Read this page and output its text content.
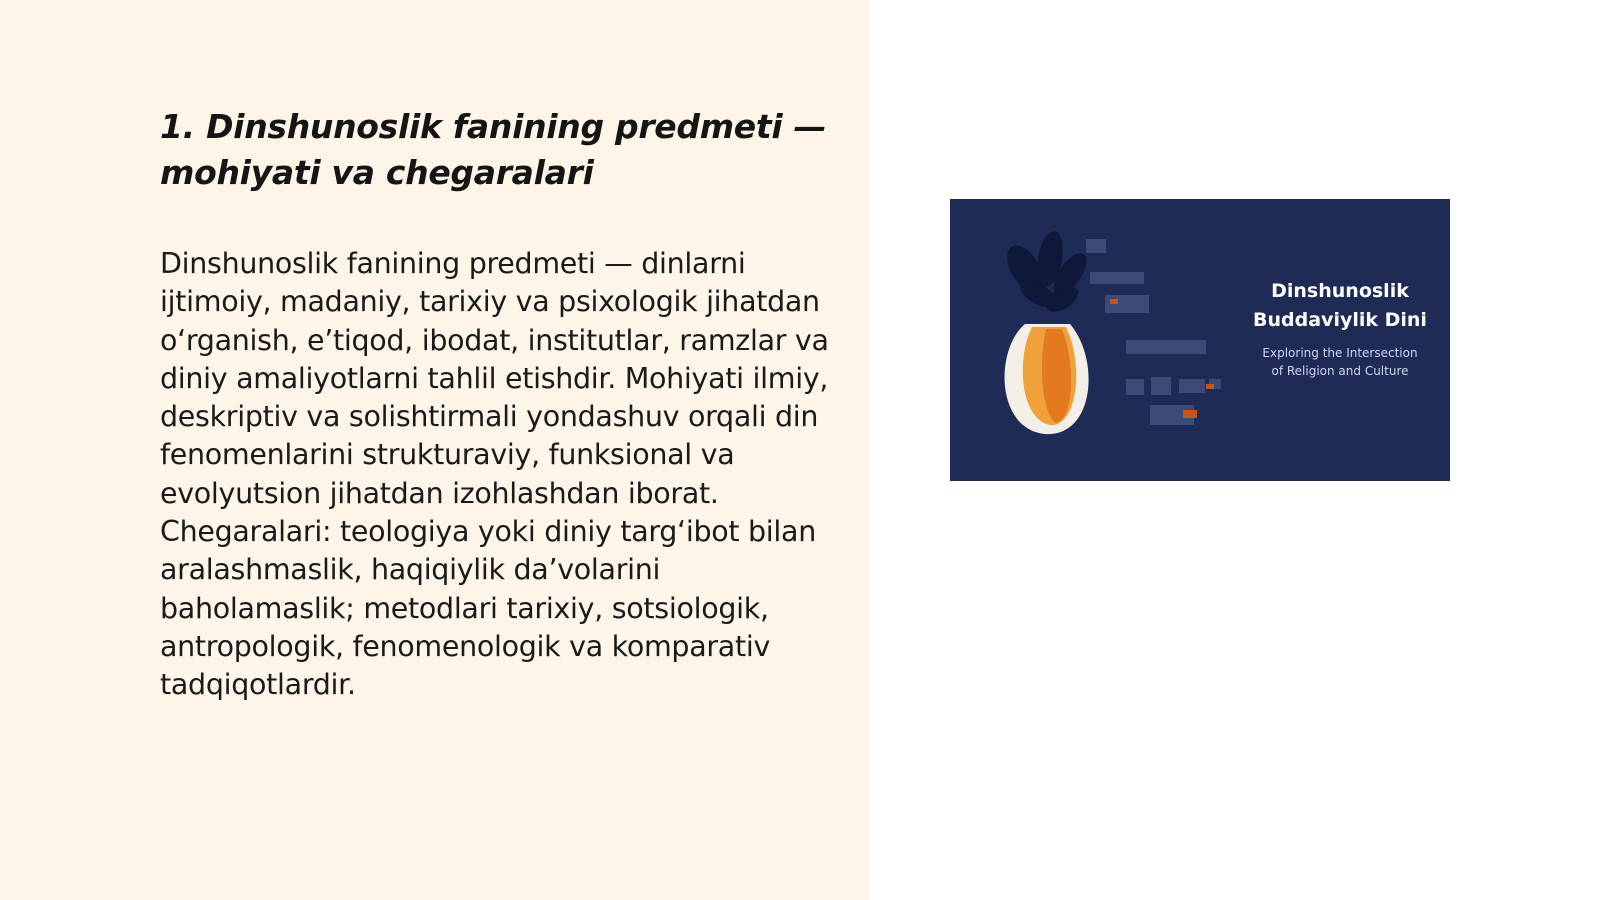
1. Dinshunoslik fanining predmeti — mohiyati va chegaralari

Dinshunoslik fanining predmeti — dinlarni ijtimoiy, madaniy, tarixiy va psixologik jihatdan o‘rganish, e’tiqod, ibodat, institutlar, ramzlar va diniy amaliyotlarni tahlil etishdir. Mohiyati ilmiy, deskriptiv va solishtirmali yondashuv orqali din fenomenlarini strukturaviy, funksional va evolyutsion jihatdan izohlashdan iborat. Chegaralari: teologiya yoki diniy targ‘ibot bilan aralashmaslik, haqiqiylik da’volarini baholamaslik; metodlari tarixiy, sotsiologik, antropologik, fenomenologik va komparativ tadqiqotlardir.

Dinshunoslik
Buddaviylik Dini
Exploring the Intersection
of Religion and Culture
